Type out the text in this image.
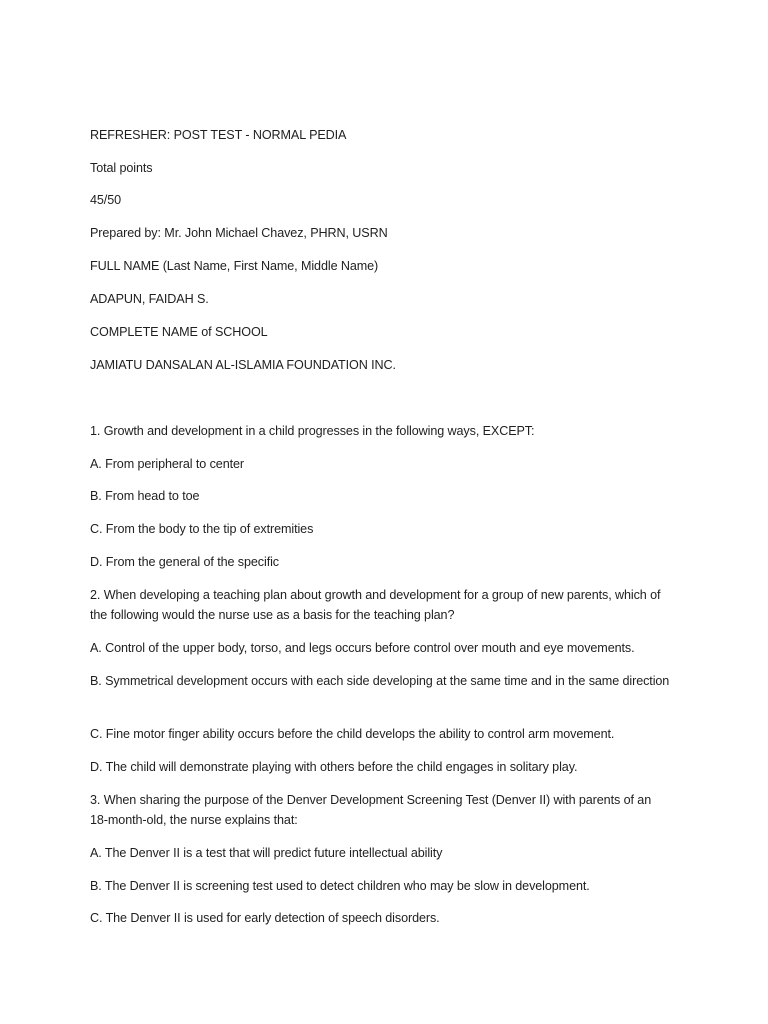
REFRESHER: POST TEST - NORMAL PEDIA
Total points
45/50
Prepared by: Mr. John Michael Chavez, PHRN, USRN
FULL NAME (Last Name, First Name, Middle Name)
ADAPUN, FAIDAH S.
COMPLETE NAME of SCHOOL
JAMIATU DANSALAN AL-ISLAMIA FOUNDATION INC.
1. Growth and development in a child progresses in the following ways, EXCEPT:
A. From peripheral to center
B. From head to toe
C. From the body to the tip of extremities
D. From the general of the specific
2. When developing a teaching plan about growth and development for a group of new parents, which of the following would the nurse use as a basis for the teaching plan?
A. Control of the upper body, torso, and legs occurs before control over mouth and eye movements.
B. Symmetrical development occurs with each side developing at the same time and in the same direction
C. Fine motor finger ability occurs before the child develops the ability to control arm movement.
D. The child will demonstrate playing with others before the child engages in solitary play.
3. When sharing the purpose of the Denver Development Screening Test (Denver II) with parents of an 18-month-old, the nurse explains that:
A. The Denver II is a test that will predict future intellectual ability
B. The Denver II is screening test used to detect children who may be slow in development.
C. The Denver II is used for early detection of speech disorders.
